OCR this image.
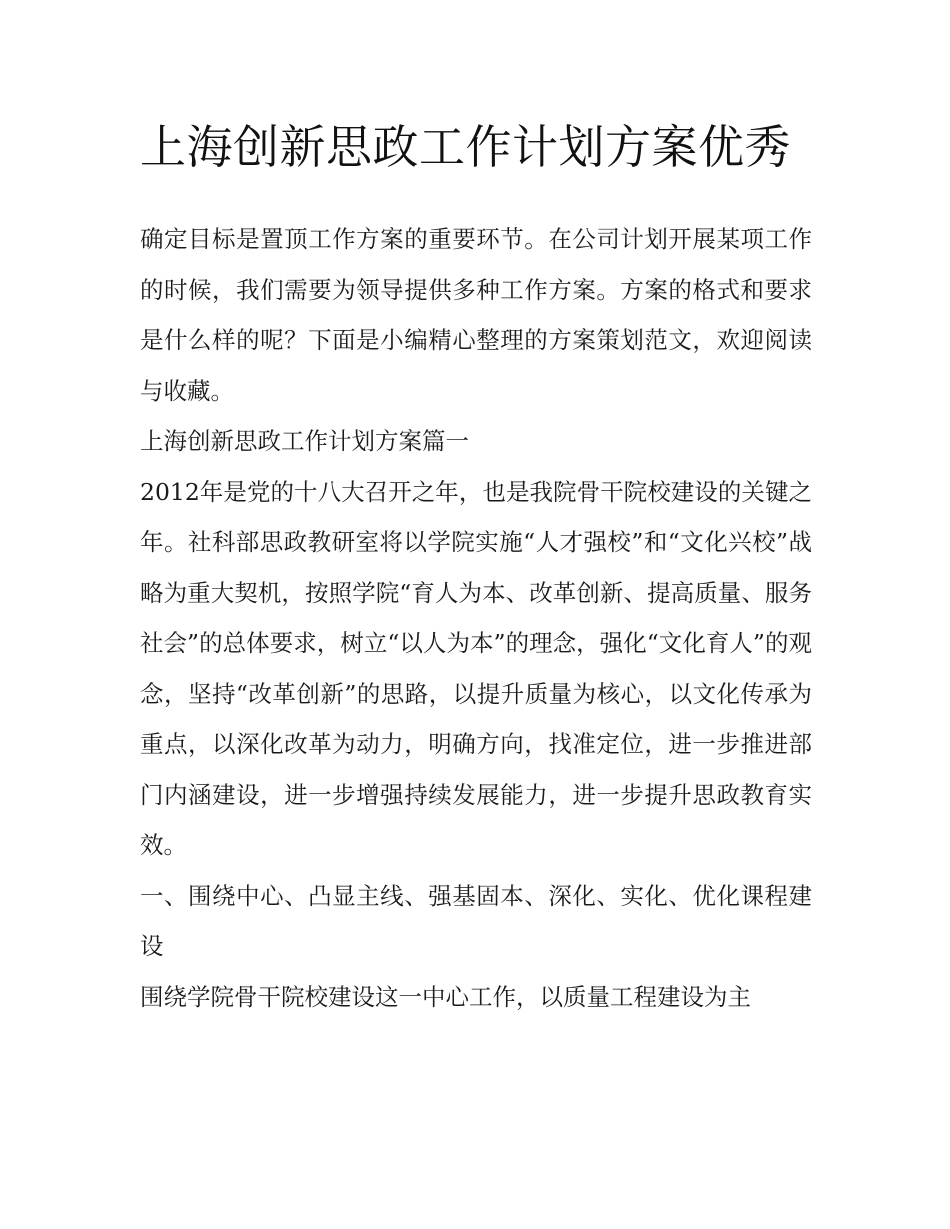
上海创新思政工作计划方案优秀

确定目标是置顶工作方案的重要环节。在公司计划开展某项工作的时候，我们需要为领导提供多种工作方案。方案的格式和要求是什么样的呢？下面是小编精心整理的方案策划范文，欢迎阅读与收藏。

上海创新思政工作计划方案篇一

2012年是党的十八大召开之年，也是我院骨干院校建设的关键之年。社科部思政教研室将以学院实施“人才强校”和“文化兴校”战略为重大契机，按照学院“育人为本、改革创新、提高质量、服务社会”的总体要求，树立“以人为本”的理念，强化“文化育人”的观念，坚持“改革创新”的思路，以提升质量为核心，以文化传承为重点，以深化改革为动力，明确方向，找准定位，进一步推进部门内涵建设，进一步增强持续发展能力，进一步提升思政教育实效。

一、围绕中心、凸显主线、强基固本、深化、实化、优化课程建设

围绕学院骨干院校建设这一中心工作，以质量工程建设为主
